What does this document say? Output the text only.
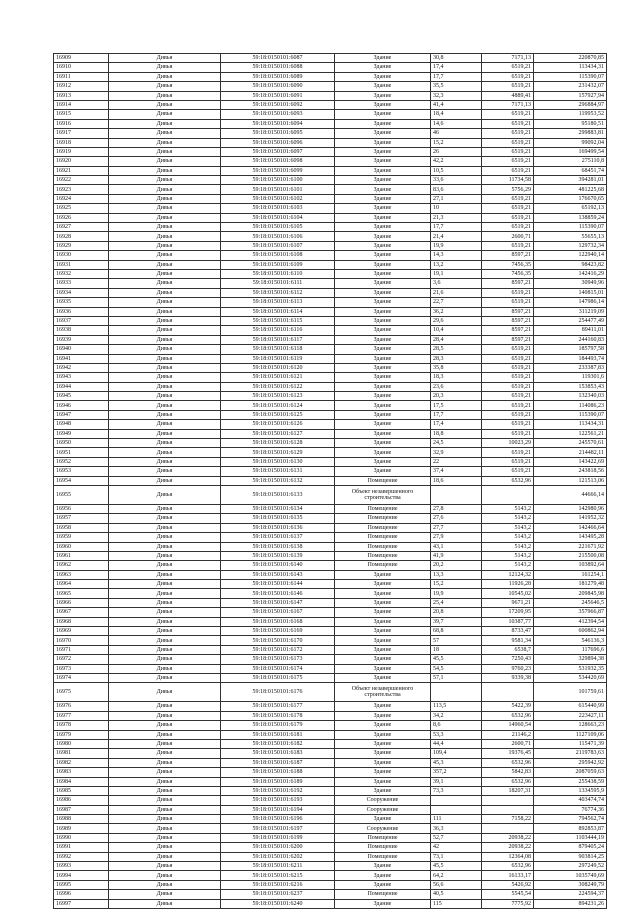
16909	Дивья	59:18:0150101:6087	Здание	30,8	7171,13	220870,85
16910	Дивья	59:18:0150101:6088	Здание	17,4	6519,21	113434,31
16911	Дивья	59:18:0150101:6089	Здание	17,7	6519,21	115390,07
16912	Дивья	59:18:0150101:6090	Здание	35,5	6519,21	231432,07
16913	Дивья	59:18:0150101:6091	Здание	32,3	4889,41	157927,94
16914	Дивья	59:18:0150101:6092	Здание	41,4	7171,13	296884,97
16915	Дивья	59:18:0150101:6093	Здание	18,4	6519,21	119953,52
16916	Дивья	59:18:0150101:6094	Здание	14,6	6519,21	95180,51
16917	Дивья	59:18:0150101:6095	Здание	46	6519,21	299883,81
16918	Дивья	59:18:0150101:6096	Здание	15,2	6519,21	99092,04
16919	Дивья	59:18:0150101:6097	Здание	26	6519,21	169499,54
16920	Дивья	59:18:0150101:6098	Здание	42,2	6519,21	275110,8
16921	Дивья	59:18:0150101:6099	Здание	10,5	6519,21	68451,74
16922	Дивья	59:18:0150101:6100	Здание	33,6	11734,58	394281,01
16923	Дивья	59:18:0150101:6101	Здание	83,6	5756,29	481225,68
16924	Дивья	59:18:0150101:6102	Здание	27,1	6519,21	176670,65
16925	Дивья	59:18:0150101:6103	Здание	10	6519,21	65192,13
16926	Дивья	59:18:0150101:6104	Здание	21,3	6519,21	138859,24
16927	Дивья	59:18:0150101:6105	Здание	17,7	6519,21	115390,07
16928	Дивья	59:18:0150101:6106	Здание	21,4	2600,71	55655,13
16929	Дивья	59:18:0150101:6107	Здание	19,9	6519,21	129732,34
16930	Дивья	59:18:0150101:6108	Здание	14,3	8597,21	122940,14
16931	Дивья	59:18:0150101:6109	Здание	13,2	7456,35	98423,82
16932	Дивья	59:18:0150101:6110	Здание	19,1	7456,35	142416,29
16933	Дивья	59:18:0150101:6111	Здание	3,6	8597,21	30949,96
16934	Дивья	59:18:0150101:6112	Здание	21,6	6519,21	140815,01
16935	Дивья	59:18:0150101:6113	Здание	22,7	6519,21	147986,14
16936	Дивья	59:18:0150101:6114	Здание	36,2	8597,21	311219,09
16937	Дивья	59:18:0150101:6115	Здание	29,6	8597,21	254477,49
16938	Дивья	59:18:0150101:6116	Здание	10,4	8597,21	89411,01
16939	Дивья	59:18:0150101:6117	Здание	28,4	8597,21	244160,83
16940	Дивья	59:18:0150101:6118	Здание	28,5	6519,21	185797,58
16941	Дивья	59:18:0150101:6119	Здание	28,3	6519,21	184493,74
16942	Дивья	59:18:0150101:6120	Здание	35,8	6519,21	233387,83
16943	Дивья	59:18:0150101:6121	Здание	18,3	6519,21	119301,6
16944	Дивья	59:18:0150101:6122	Здание	23,6	6519,21	153853,43
16945	Дивья	59:18:0150101:6123	Здание	20,3	6519,21	132340,03
16946	Дивья	59:18:0150101:6124	Здание	17,5	6519,21	114086,23
16947	Дивья	59:18:0150101:6125	Здание	17,7	6519,21	115390,07
16948	Дивья	59:18:0150101:6126	Здание	17,4	6519,21	113434,31
16949	Дивья	59:18:0150101:6127	Здание	18,8	6519,21	122561,21
16950	Дивья	59:18:0150101:6128	Здание	24,5	10023,29	245570,61
16951	Дивья	59:18:0150101:6129	Здание	32,9	6519,21	214482,11
16952	Дивья	59:18:0150101:6130	Здание	22	6519,21	143422,69
16953	Дивья	59:18:0150101:6131	Здание	37,4	6519,21	243818,56
16954	Дивья	59:18:0150101:6132	Помещение	18,6	6532,96	121513,06
16955	Дивья	59:18:0150101:6133	Объект незавершенного строительства			44666,14
16956	Дивья	59:18:0150101:6134	Помещение	27,8	5143,2	142980,96
16957	Дивья	59:18:0150101:6135	Помещение	27,6	5143,2	141952,32
16958	Дивья	59:18:0150101:6136	Помещение	27,7	5143,2	142466,64
16959	Дивья	59:18:0150101:6137	Помещение	27,9	5143,2	143495,28
16960	Дивья	59:18:0150101:6138	Помещение	43,1	5143,2	221671,92
16961	Дивья	59:18:0150101:6139	Помещение	41,9	5143,2	215500,08
16962	Дивья	59:18:0150101:6140	Помещение	20,2	5143,2	103892,64
16963	Дивья	59:18:0150101:6143	Здание	13,3	12124,32	161254,1
16964	Дивья	59:18:0150101:6144	Здание	15,2	11926,28	181279,48
16965	Дивья	59:18:0150101:6146	Здание	19,9	10545,02	209845,98
16966	Дивья	59:18:0150101:6147	Здание	25,4	9671,21	245646,5
16967	Дивья	59:18:0150101:6167	Здание	20,8	17209,95	357966,87
16968	Дивья	59:18:0150101:6168	Здание	39,7	10387,77	412394,54
16969	Дивья	59:18:0150101:6169	Здание	68,8	8733,47	600862,94
16970	Дивья	59:18:0150101:6170	Здание	57	9581,34	546136,3
16971	Дивья	59:18:0150101:6172	Здание	18	6538,7	117696,6
16972	Дивья	59:18:0150101:6173	Здание	45,5	7250,43	329894,38
16973	Дивья	59:18:0150101:6174	Здание	54,5	9760,23	531932,35
16974	Дивья	59:18:0150101:6175	Здание	57,1	9339,38	534420,69
16975	Дивья	59:18:0150101:6176	Объект незавершенного строительства			101759,61
16976	Дивья	59:18:0150101:6177	Здание	113,5	5422,39	615440,99
16977	Дивья	59:18:0150101:6178	Здание	34,2	6532,96	223427,11
16978	Дивья	59:18:0150101:6179	Здание	8,6	14960,54	128663,23
16979	Дивья	59:18:0150101:6181	Здание	53,3	21146,2	1127109,06
16980	Дивья	59:18:0150101:6182	Здание	44,4	2600,71	115471,39
16981	Дивья	59:18:0150101:6183	Здание	109,4	19376,45	2119783,63
16982	Дивья	59:18:0150101:6187	Здание	45,3	6532,96	295942,92
16983	Дивья	59:18:0150101:6188	Здание	357,2	5842,83	2087059,63
16984	Дивья	59:18:0150101:6189	Здание	39,1	6532,96	255438,59
16985	Дивья	59:18:0150101:6192	Здание	73,3	18207,31	1334595,9
16986	Дивья	59:18:0150101:6193	Сооружение			403474,74
16987	Дивья	59:18:0150101:6194	Сооружение			76774,36
16988	Дивья	59:18:0150101:6196	Здание	111	7158,22	794562,74
16989	Дивья	59:18:0150101:6197	Сооружение	36,3		892853,87
16990	Дивья	59:18:0150101:6199	Помещение	52,7	20938,22	1103444,19
16991	Дивья	59:18:0150101:6200	Помещение	42	20938,22	879405,24
16992	Дивья	59:18:0150101:6202	Помещение	73,1	12364,08	903814,25
16993	Дивья	59:18:0150101:6211	Здание	45,5	6532,96	297249,52
16994	Дивья	59:18:0150101:6215	Здание	64,2	16133,17	1035749,69
16995	Дивья	59:18:0150101:6216	Здание	56,6	5426,92	308249,79
16996	Дивья	59:18:0150101:6237	Помещение	40,5	5545,54	224594,37
16997	Дивья	59:18:0150101:6240	Здание	115	7775,92	894231,26
